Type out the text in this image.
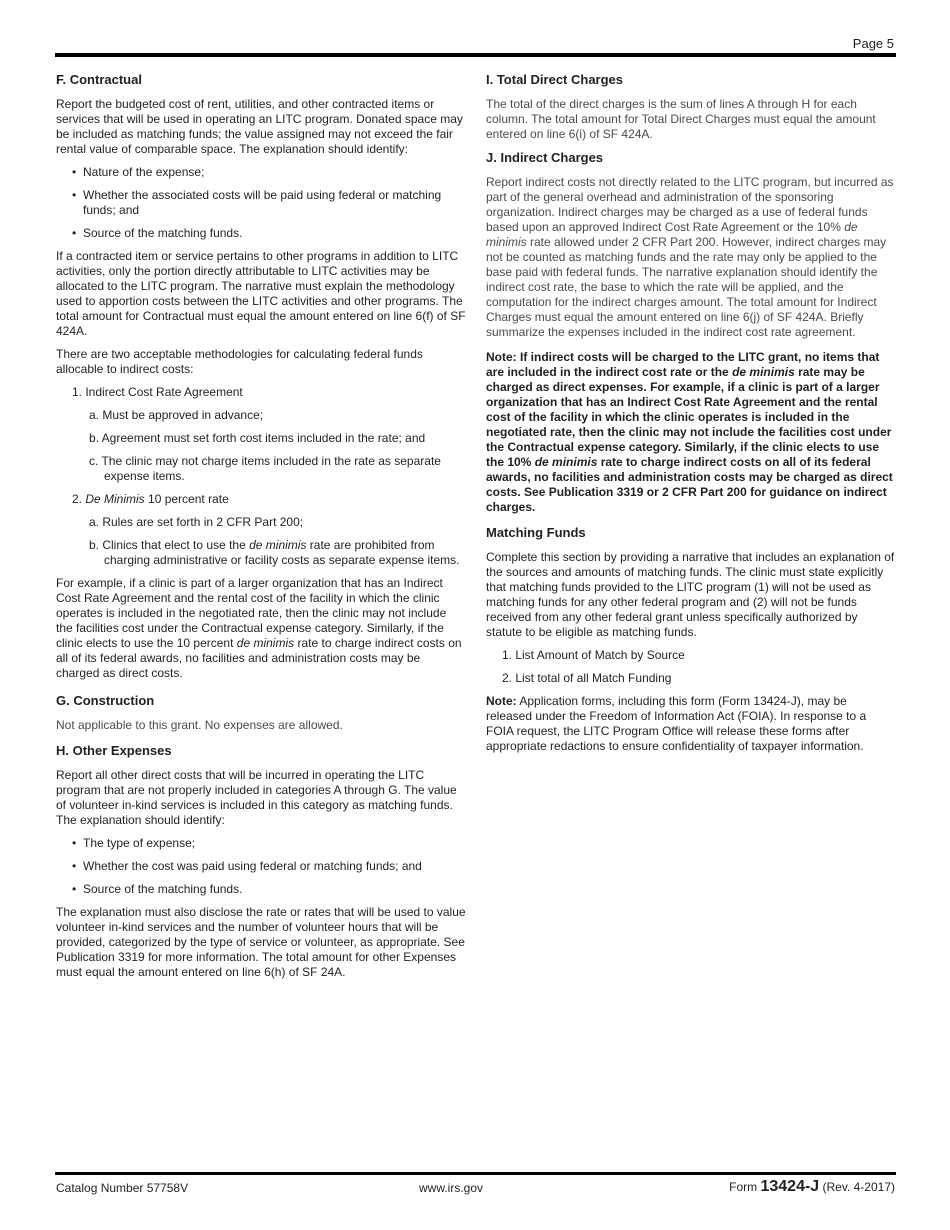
Page 5
F. Contractual

Report the budgeted cost of rent, utilities, and other contracted items or services that will be used in operating an LITC program. Donated space may be included as matching funds; the value assigned may not exceed the fair rental value of comparable space. The explanation should identify:

• Nature of the expense;
• Whether the associated costs will be paid using federal or matching funds; and
• Source of the matching funds.

If a contracted item or service pertains to other programs in addition to LITC activities, only the portion directly attributable to LITC activities may be allocated to the LITC program. The narrative must explain the methodology used to apportion costs between the LITC activities and other programs. The total amount for Contractual must equal the amount entered on line 6(f) of SF 424A.

There are two acceptable methodologies for calculating federal funds allocable to indirect costs:

1. Indirect Cost Rate Agreement
a. Must be approved in advance;
b. Agreement must set forth cost items included in the rate; and
c. The clinic may not charge items included in the rate as separate expense items.
2. De Minimis 10 percent rate
a. Rules are set forth in 2 CFR Part 200;
b. Clinics that elect to use the de minimis rate are prohibited from charging administrative or facility costs as separate expense items.

For example, if a clinic is part of a larger organization that has an Indirect Cost Rate Agreement and the rental cost of the facility in which the clinic operates is included in the negotiated rate, then the clinic may not include the facilities cost under the Contractual expense category. Similarly, if the clinic elects to use the 10 percent de minimis rate to charge indirect costs on all of its federal awards, no facilities and administration costs may be charged as direct costs.

G. Construction

Not applicable to this grant. No expenses are allowed.

H. Other Expenses

Report all other direct costs that will be incurred in operating the LITC program that are not properly included in categories A through G. The value of volunteer in-kind services is included in this category as matching funds. The explanation should identify:

• The type of expense;
• Whether the cost was paid using federal or matching funds; and
• Source of the matching funds.

The explanation must also disclose the rate or rates that will be used to value volunteer in-kind services and the number of volunteer hours that will be provided, categorized by the type of service or volunteer, as appropriate. See Publication 3319 for more information. The total amount for other Expenses must equal the amount entered on line 6(h) of SF 24A.

I. Total Direct Charges

The total of the direct charges is the sum of lines A through H for each column. The total amount for Total Direct Charges must equal the amount entered on line 6(i) of SF 424A.

J. Indirect Charges

Report indirect costs not directly related to the LITC program, but incurred as part of the general overhead and administration of the sponsoring organization. Indirect charges may be charged as a use of federal funds based upon an approved Indirect Cost Rate Agreement or the 10% de minimis rate allowed under 2 CFR Part 200. However, indirect charges may not be counted as matching funds and the rate may only be applied to the base paid with federal funds. The narrative explanation should identify the indirect cost rate, the base to which the rate will be applied, and the computation for the indirect charges amount. The total amount for Indirect Charges must equal the amount entered on line 6(j) of SF 424A. Briefly summarize the expenses included in the indirect cost rate agreement.

Note: If indirect costs will be charged to the LITC grant, no items that are included in the indirect cost rate or the de minimis rate may be charged as direct expenses. For example, if a clinic is part of a larger organization that has an Indirect Cost Rate Agreement and the rental cost of the facility in which the clinic operates is included in the negotiated rate, then the clinic may not include the facilities cost under the Contractual expense category. Similarly, if the clinic elects to use the 10% de minimis rate to charge indirect costs on all of its federal awards, no facilities and administration costs may be charged as direct costs. See Publication 3319 or 2 CFR Part 200 for guidance on indirect charges.

Matching Funds

Complete this section by providing a narrative that includes an explanation of the sources and amounts of matching funds. The clinic must state explicitly that matching funds provided to the LITC program (1) will not be used as matching funds for any other federal program and (2) will not be funds received from any other federal grant unless specifically authorized by statute to be eligible as matching funds.

1. List Amount of Match by Source
2. List total of all Match Funding

Note: Application forms, including this form (Form 13424-J), may be released under the Freedom of Information Act (FOIA). In response to a FOIA request, the LITC Program Office will release these forms after appropriate redactions to ensure confidentiality of taxpayer information.

Catalog Number 57758V	www.irs.gov	Form 13424-J (Rev. 4-2017)
